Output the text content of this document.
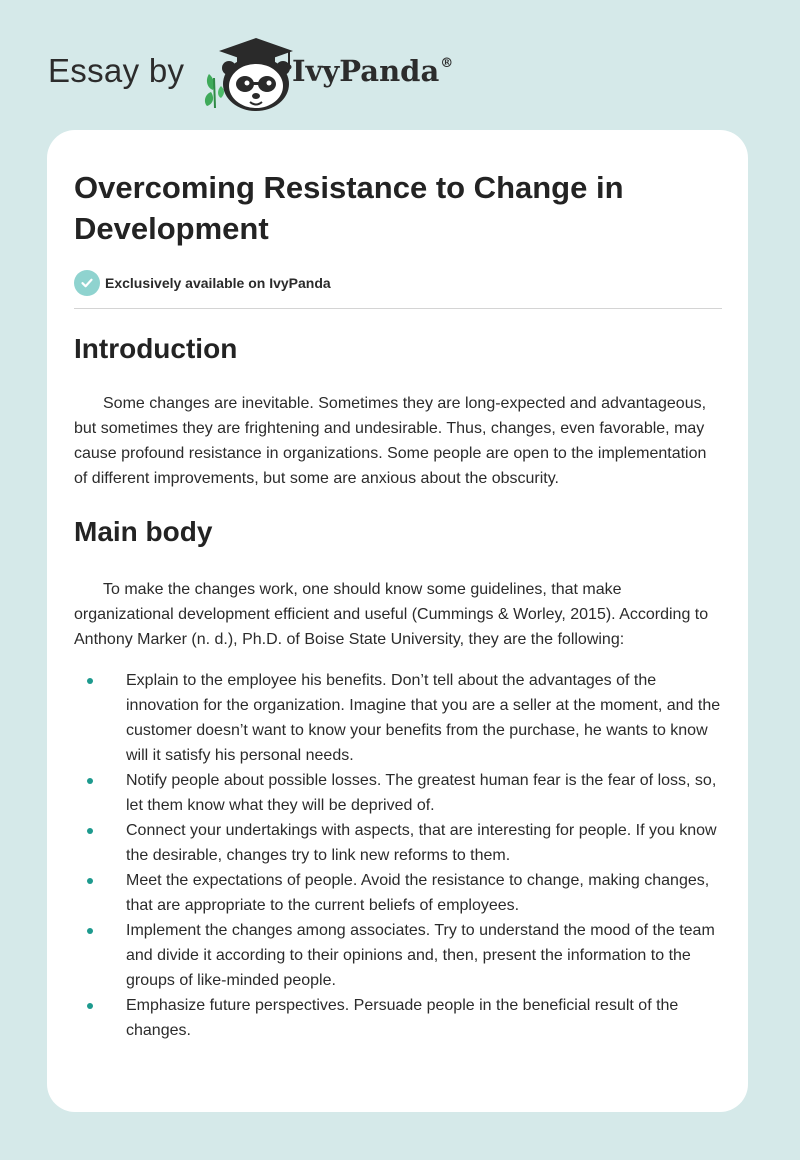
Essay by	IvyPanda®
Overcoming Resistance to Change in Development
Exclusively available on IvyPanda
Introduction

Some changes are inevitable. Sometimes they are long-expected and advantageous, but sometimes they are frightening and undesirable. Thus, changes, even favorable, may cause profound resistance in organizations. Some people are open to the implementation of different improvements, but some are anxious about the obscurity.

Main body

To make the changes work, one should know some guidelines, that make organizational development efficient and useful (Cummings & Worley, 2015). According to Anthony Marker (n. d.), Ph.D. of Boise State University, they are the following:

Explain to the employee his benefits. Don’t tell about the advantages of the innovation for the organization. Imagine that you are a seller at the moment, and the customer doesn’t want to know your benefits from the purchase, he wants to know will it satisfy his personal needs.
Notify people about possible losses. The greatest human fear is the fear of loss, so, let them know what they will be deprived of.
Connect your undertakings with aspects, that are interesting for people. If you know the desirable, changes try to link new reforms to them.
Meet the expectations of people. Avoid the resistance to change, making changes, that are appropriate to the current beliefs of employees.
Implement the changes among associates. Try to understand the mood of the team and divide it according to their opinions and, then, present the information to the groups of like-minded people.
Emphasize future perspectives. Persuade people in the beneficial result of the changes.
